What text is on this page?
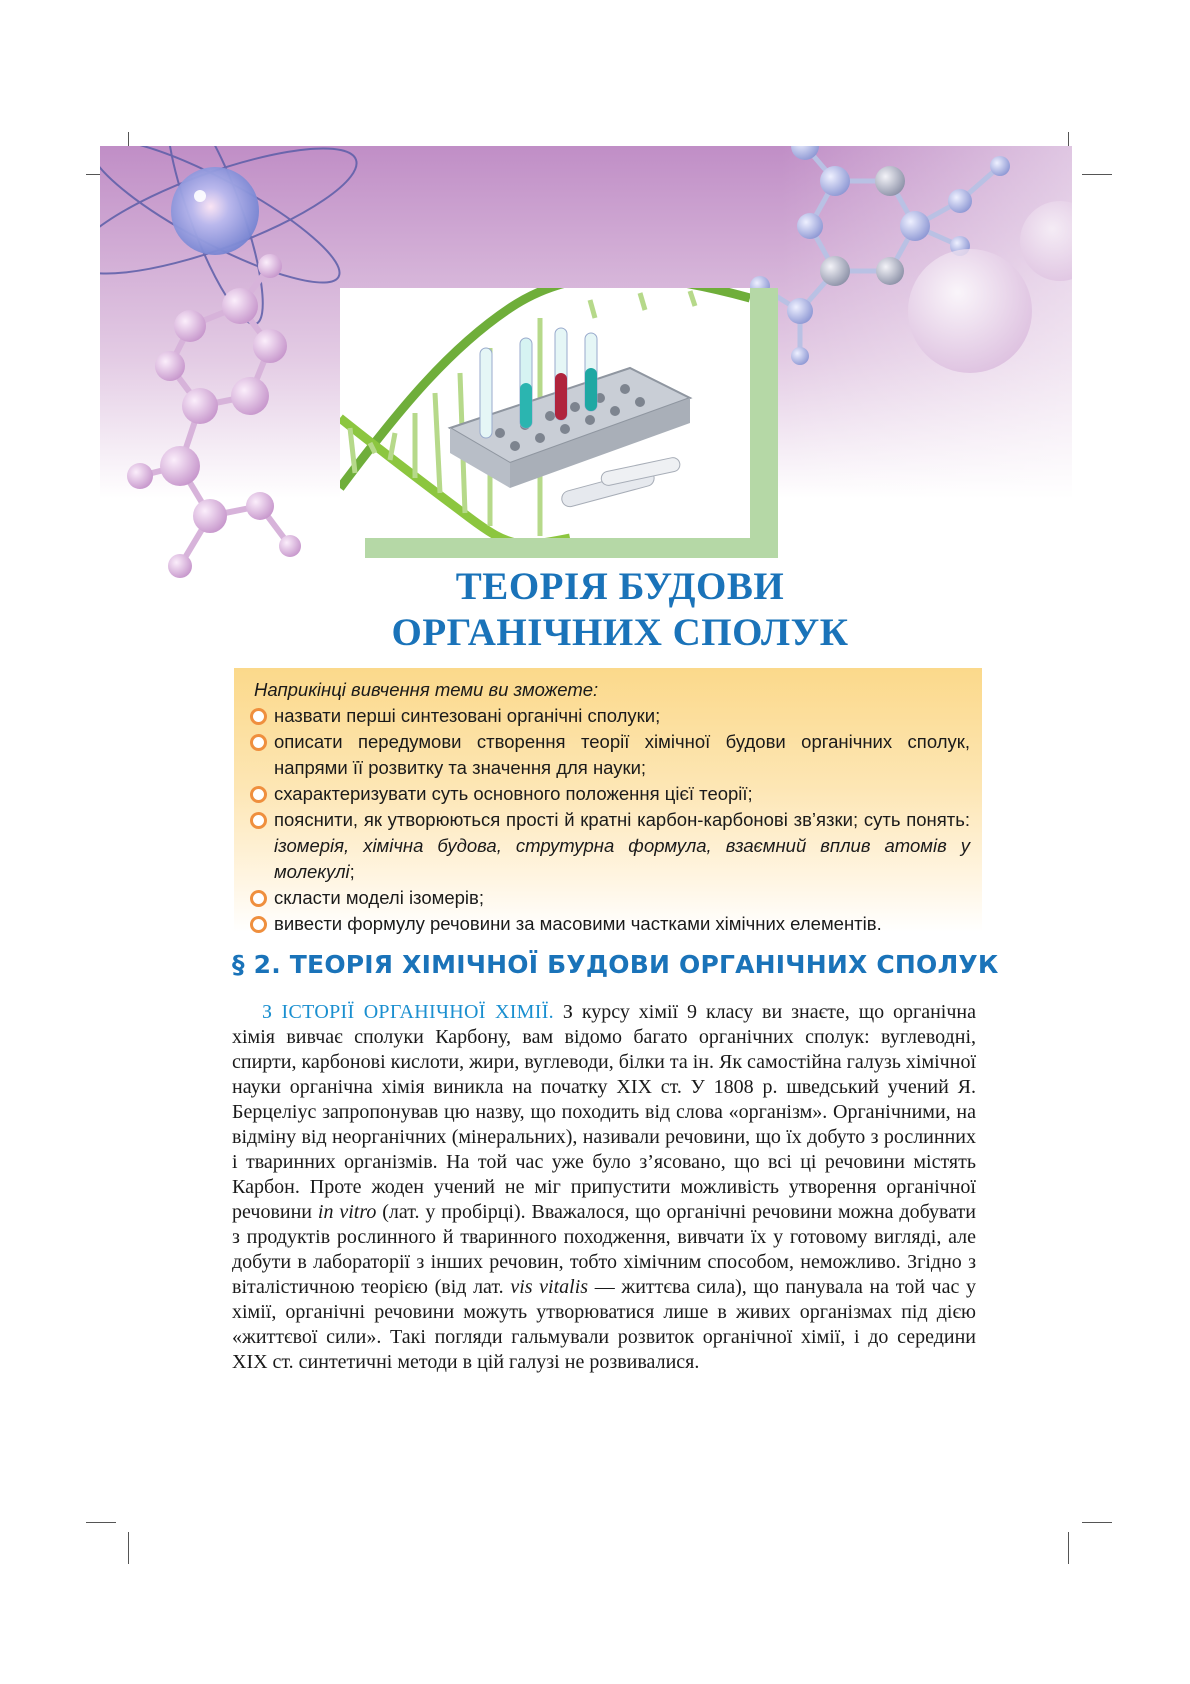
ТЕОРІЯ БУДОВИ
ОРГАНІЧНИХ СПОЛУК

Наприкінці вивчення теми ви зможете:

назвати перші синтезовані органічні сполуки;
описати передумови створення теорії хімічної будови органічних сполук, напрями її розвитку та значення для науки;
схарактеризувати суть основного положення цієї теорії;
пояснити, як утворюються прості й кратні карбон-карбонові зв’язки; суть понять: ізомерія, хімічна будова, струтурна формула, взаємний вплив атомів у молекулі;
скласти моделі ізомерів;
вивести формулу речовини за масовими частками хімічних елементів.
§ 2. ТЕОРІЯ ХІМІЧНОЇ БУДОВИ ОРГАНІЧНИХ СПОЛУК

З ІСТОРІЇ ОРГАНІЧНОЇ ХІМІЇ. З курсу хімії 9 класу ви знаєте, що органічна хімія вивчає сполуки Карбону, вам відомо багато органічних сполук: вуглеводні, спирти, карбонові кислоти, жири, вуглеводи, білки та ін. Як самостійна галузь хімічної науки органічна хімія виникла на початку XIX ст. У 1808 р. шведський учений Я. Берцеліус запропонував цю назву, що походить від слова «організм». Органічними, на відміну від неорганічних (мінеральних), називали речовини, що їх добуто з рослинних і тваринних організмів. На той час уже було з’ясовано, що всі ці речовини містять Карбон. Проте жоден учений не міг припустити можливість утворення органічної речовини in vitro (лат. у пробірці). Вважалося, що органічні речовини можна добувати з продуктів рослинного й тваринного походження, вивчати їх у готовому вигляді, але добути в лабораторії з інших речовин, тобто хімічним способом, неможливо. Згідно з віталістичною теорією (від лат. vis vitalis — життєва сила), що панувала на той час у хімії, органічні речовини можуть утворюватися лише в живих організмах під дією «життєвої сили». Такі погляди гальмували розвиток органічної хімії, і до середини XIX ст. синтетичні методи в цій галузі не розвивалися.
